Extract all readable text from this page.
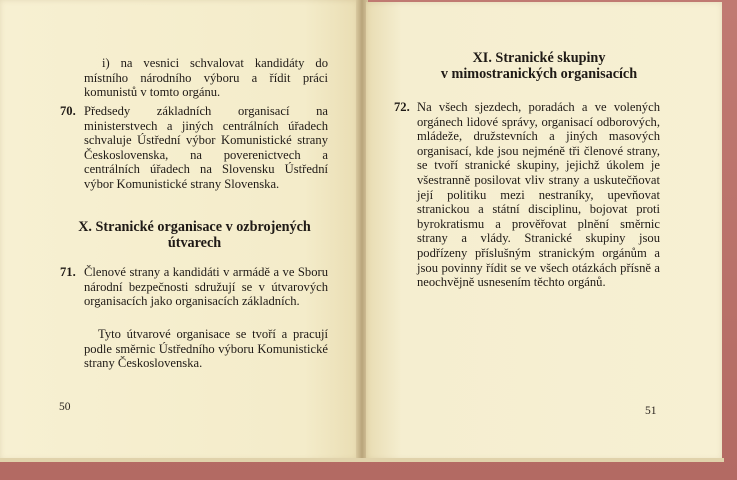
i) na vesnici schvalovat kandidáty do místního národního výboru a řídit práci komunistů v tomto orgánu.
70. Předsedy základních organisací na ministerstvech a jiných centrálních úřadech schvaluje Ústřední výbor Komunistické strany Československa, na poverenictvech a centrálních úřadech na Slovensku Ústřední výbor Komunistické strany Slovenska.
X. Stranické organisace v ozbrojených útvarech
71. Členové strany a kandidáti v armádě a ve Sboru národní bezpečnosti sdružují se v útvarových organisacích jako organisacích základních.
Tyto útvarové organisace se tvoří a pracují podle směrnic Ústředního výboru Komunistické strany Československa.
50
XI. Stranické skupiny
v mimostranických organisacích
72. Na všech sjezdech, poradách a ve volených orgánech lidové správy, organisací odborových, mládeže, družstevních a jiných masových organisací, kde jsou nejméně tři členové strany, se tvoří stranické skupiny, jejichž úkolem je všestranně posilovat vliv strany a uskutečňovat její politiku mezi nestraníky, upevňovat stranickou a státní disciplinu, bojovat proti byrokratismu a prověřovat plnění směrnic strany a vlády. Stranické skupiny jsou podřízeny příslušným stranickým orgánům a jsou povinny řídit se ve všech otázkách přísně a neochvějně usnesením těchto orgánů.
51
